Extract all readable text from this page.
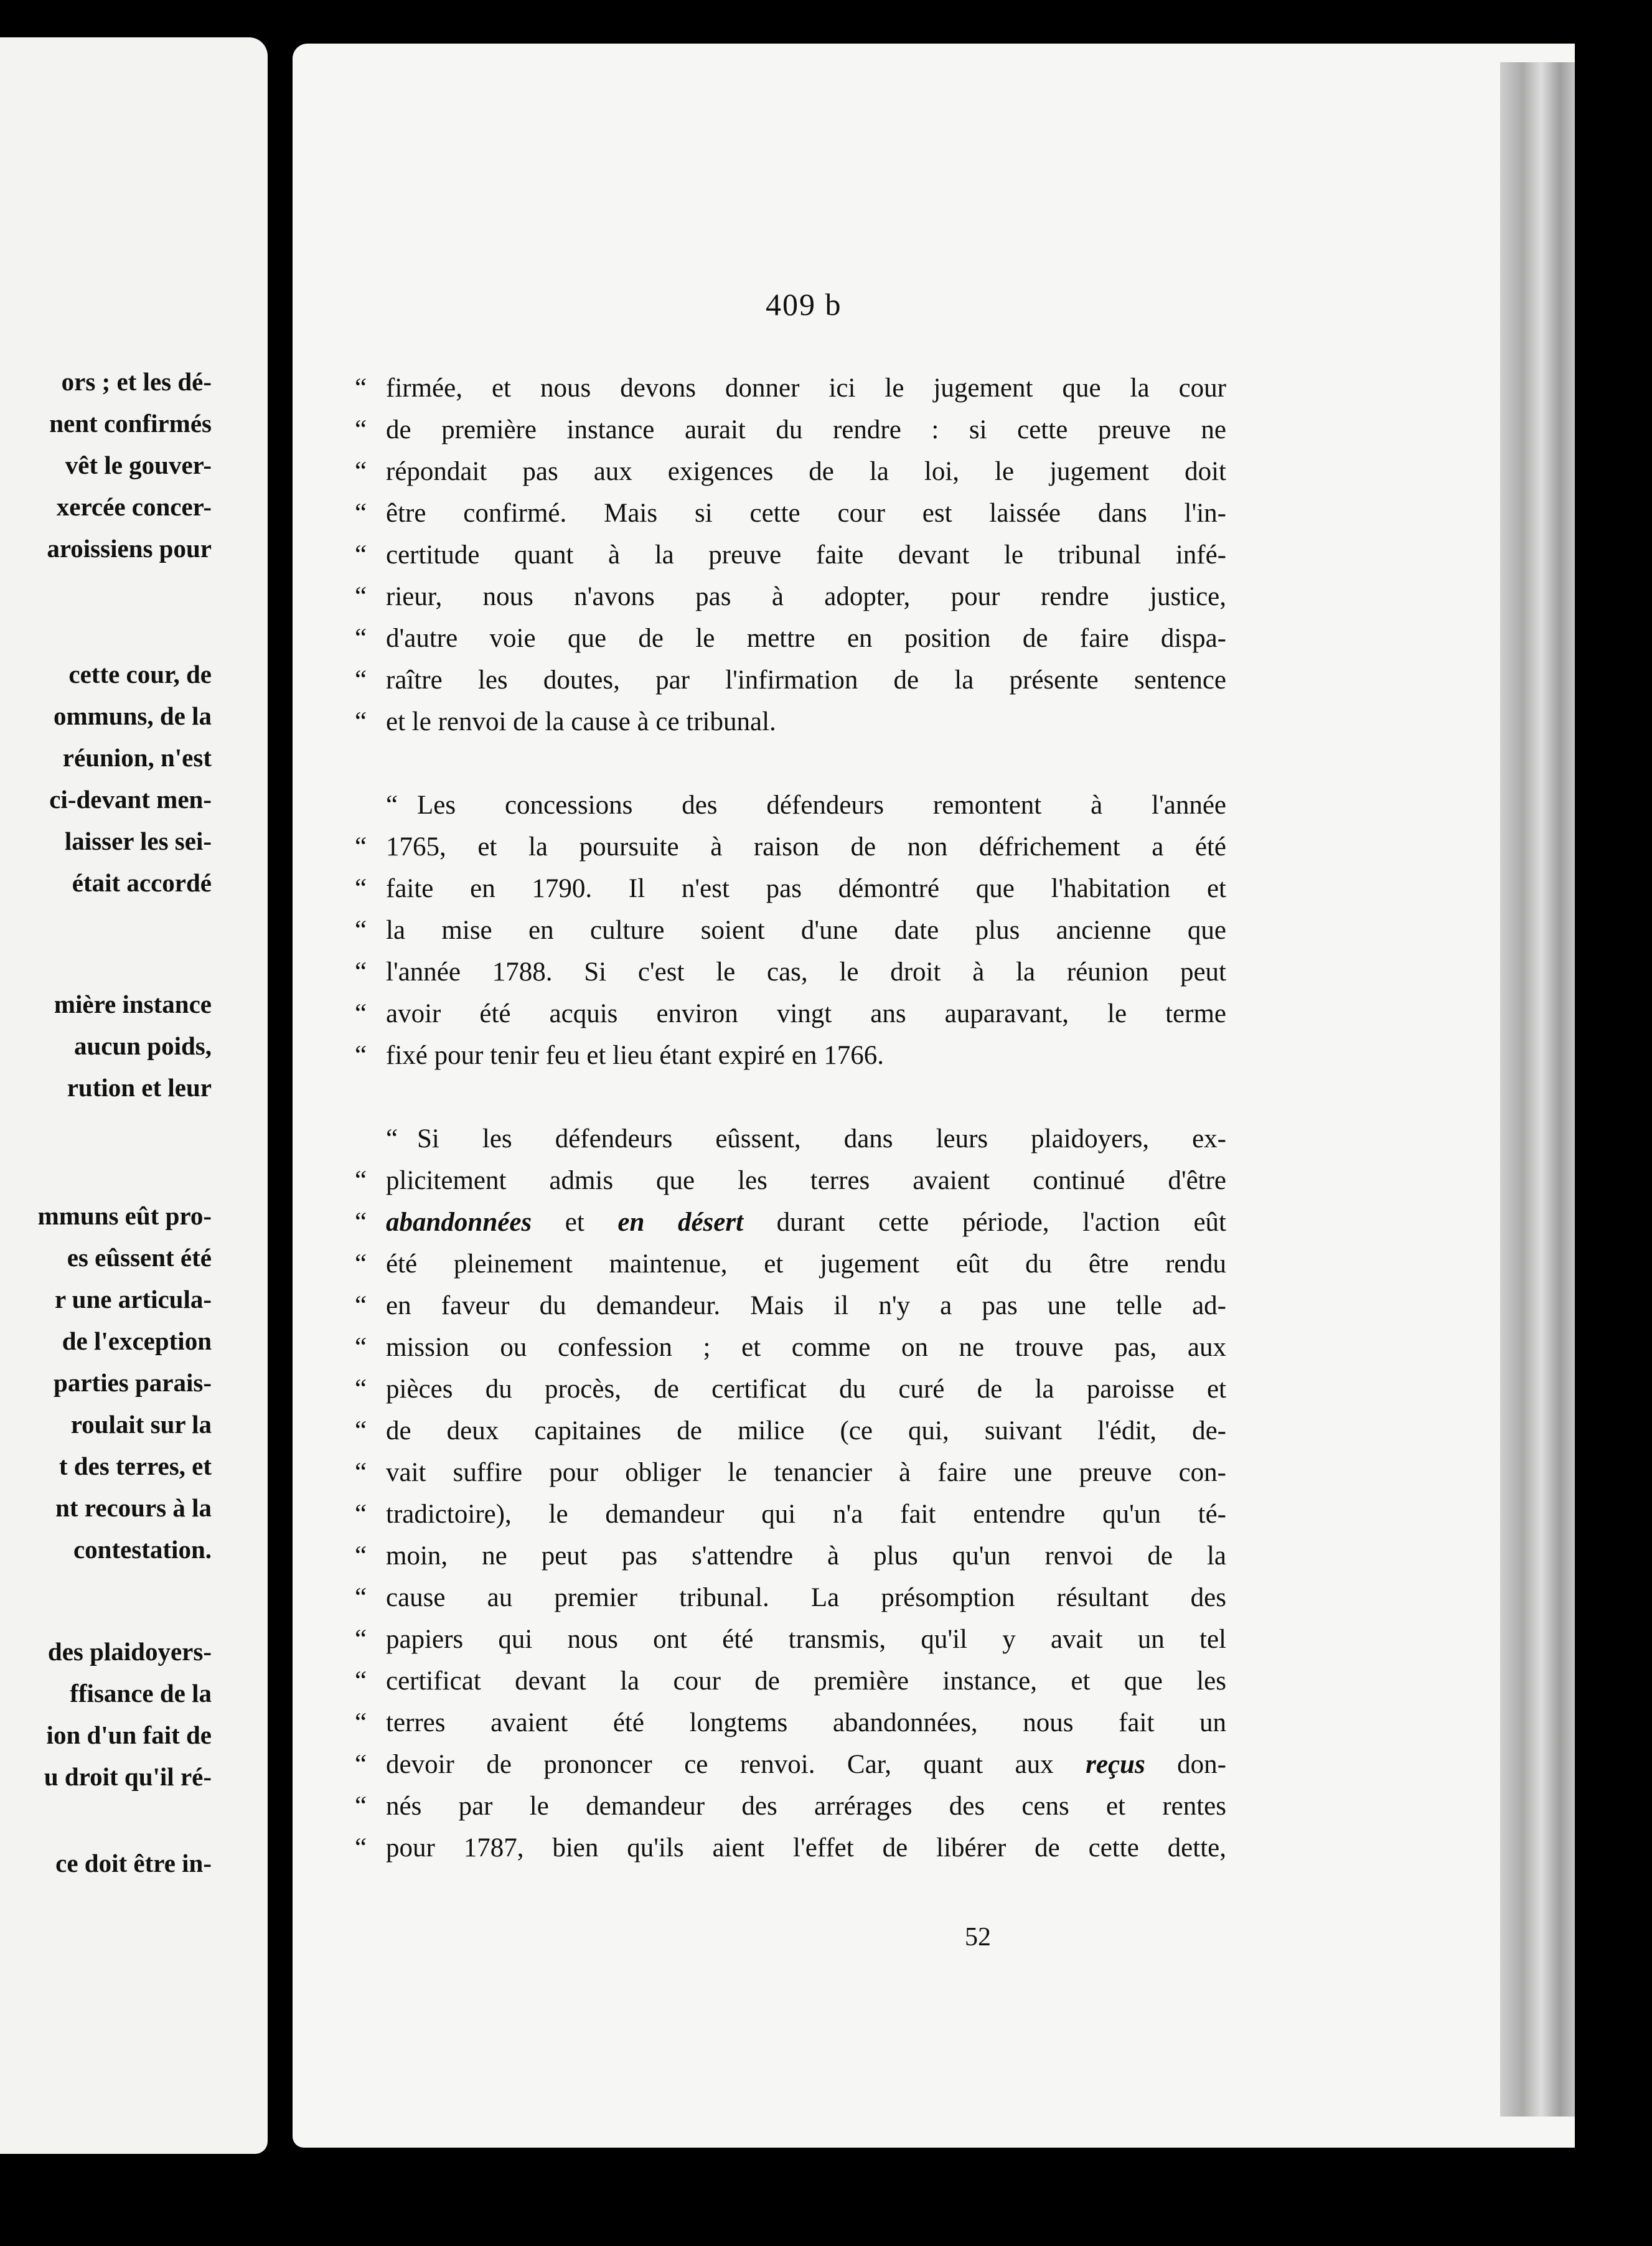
ors ; et les dé-
nent confirmés
vêt le gouver-
xercée concer-
aroissiens pour
cette cour, de
ommuns, de la
réunion, n'est
ci-devant men-
laisser les sei-
était accordé
mière instance
aucun poids,
rution et leur
mmuns eût pro-
es eûssent été
r une articula-
de l'exception
parties parais-
roulait sur la
t des terres, et
nt recours à la
contestation.
des plaidoyers-
ffisance de la
ion d'un fait de
u droit qu'il ré-
ce doit être in-
409 b
“ firmée, et nous devons donner ici le jugement que la cour
“ de première instance aurait du rendre : si cette preuve ne
“ répondait pas aux exigences de la loi, le jugement doit
“ être confirmé. Mais si cette cour est laissée dans l'in-
“ certitude quant à la preuve faite devant le tribunal infé-
“ rieur, nous n'avons pas à adopter, pour rendre justice,
“ d'autre voie que de le mettre en position de faire dispa-
“ raître les doutes, par l'infirmation de la présente sentence
“ et le renvoi de la cause à ce tribunal.
“ Les concessions des défendeurs remontent à l'année
“ 1765, et la poursuite à raison de non défrichement a été
“ faite en 1790. Il n'est pas démontré que l'habitation et
“ la mise en culture soient d'une date plus ancienne que
“ l'année 1788. Si c'est le cas, le droit à la réunion peut
“ avoir été acquis environ vingt ans auparavant, le terme
“ fixé pour tenir feu et lieu étant expiré en 1766.
“ Si les défendeurs eûssent, dans leurs plaidoyers, ex-
“ plicitement admis que les terres avaient continué d'être
“ abandonnées et en désert durant cette période, l'action eût
“ été pleinement maintenue, et jugement eût du être rendu
“ en faveur du demandeur. Mais il n'y a pas une telle ad-
“ mission ou confession ; et comme on ne trouve pas, aux
“ pièces du procès, de certificat du curé de la paroisse et
“ de deux capitaines de milice (ce qui, suivant l'édit, de-
“ vait suffire pour obliger le tenancier à faire une preuve con-
“ tradictoire), le demandeur qui n'a fait entendre qu'un té-
“ moin, ne peut pas s'attendre à plus qu'un renvoi de la
“ cause au premier tribunal. La présomption résultant des
“ papiers qui nous ont été transmis, qu'il y avait un tel
“ certificat devant la cour de première instance, et que les
“ terres avaient été longtems abandonnées, nous fait un
“ devoir de prononcer ce renvoi. Car, quant aux reçus don-
“ nés par le demandeur des arrérages des cens et rentes
“ pour 1787, bien qu'ils aient l'effet de libérer de cette dette,
52
